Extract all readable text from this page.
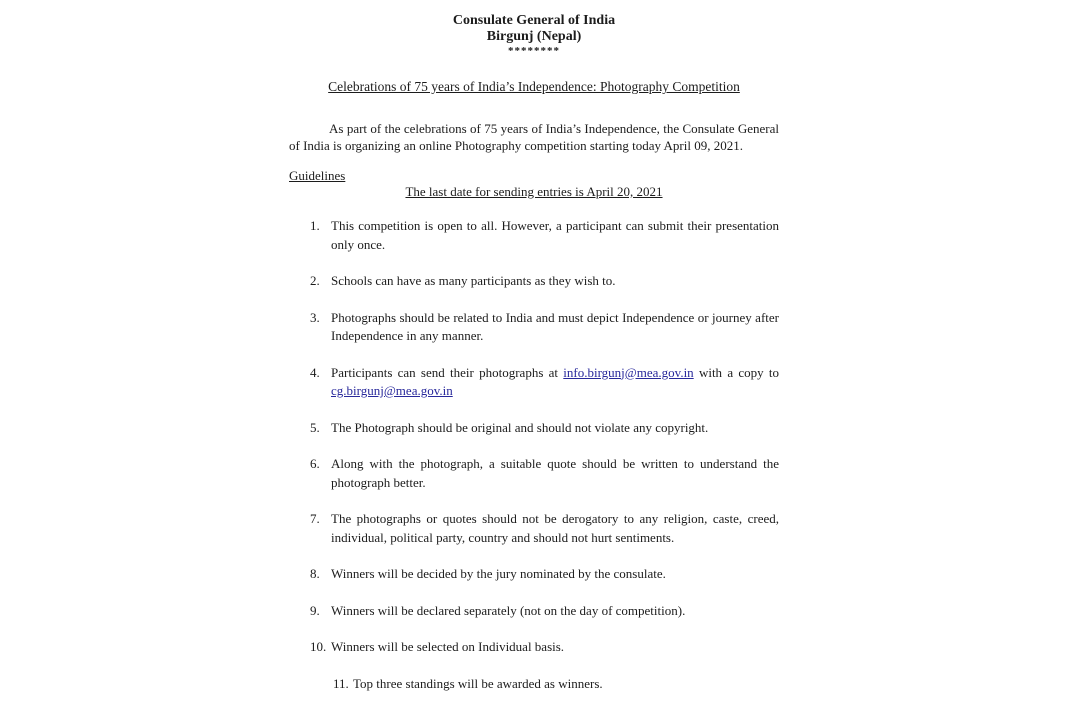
Consulate General of India
Birgunj (Nepal)
********
Celebrations of 75 years of India’s Independence: Photography Competition

As part of the celebrations of 75 years of India’s Independence, the Consulate General of India is organizing an online Photography competition starting today April 09, 2021.

Guidelines
The last date for sending entries is April 20, 2021
1. This competition is open to all. However, a participant can submit their presentation only once.
2. Schools can have as many participants as they wish to.
3. Photographs should be related to India and must depict Independence or journey after Independence in any manner.
4. Participants can send their photographs at info.birgunj@mea.gov.in with a copy to cg.birgunj@mea.gov.in
5. The Photograph should be original and should not violate any copyright.
6. Along with the photograph, a suitable quote should be written to understand the photograph better.
7. The photographs or quotes should not be derogatory to any religion, caste, creed, individual, political party, country and should not hurt sentiments.
8. Winners will be decided by the jury nominated by the consulate.
9. Winners will be declared separately (not on the day of competition).
10. Winners will be selected on Individual basis.
11. Top three standings will be awarded as winners.
